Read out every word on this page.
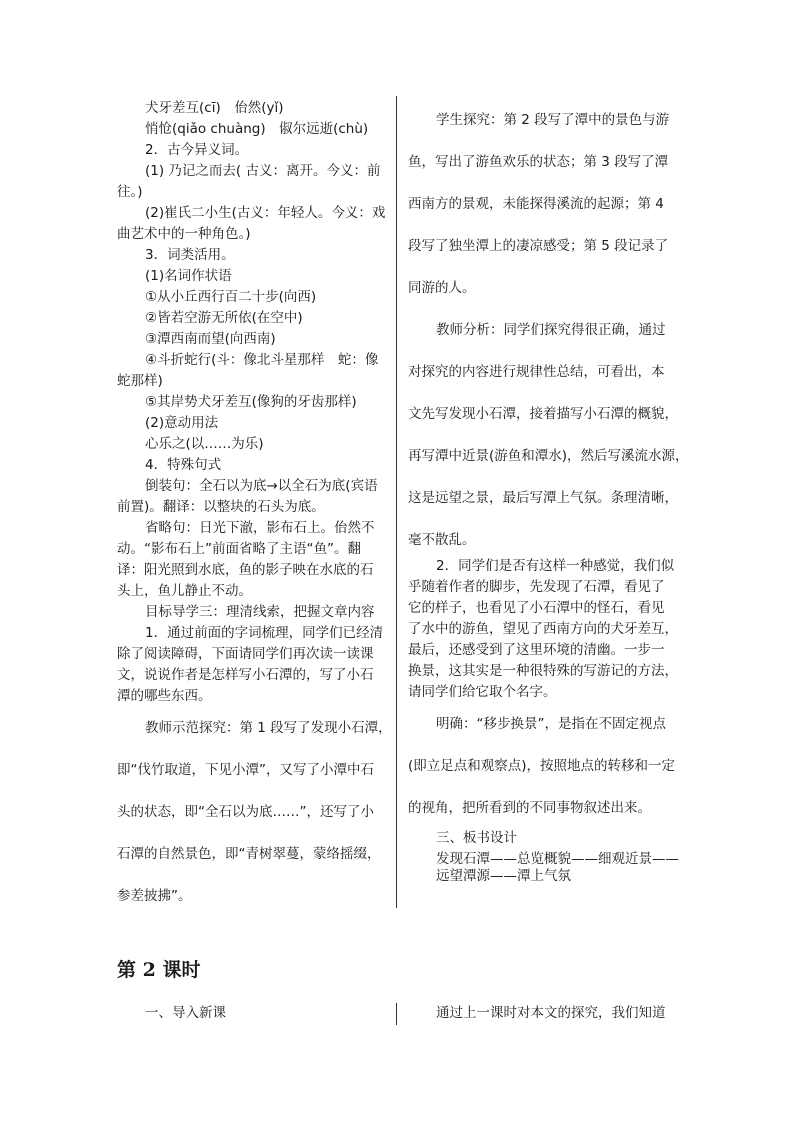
犬牙差互(cī)　佁然(yǐ)
悄怆(qiǎo chuàng)　俶尔远逝(chù)
2．古今异义词。
(1) 乃记之而去( 古义：离开。今义：前
往。)
(2)崔氏二小生(古义：年轻人。今义：戏
曲艺术中的一种角色。)
3．词类活用。
(1)名词作状语
①从小丘西行百二十步(向西)
②皆若空游无所依(在空中)
③潭西南而望(向西南)
④斗折蛇行(斗：像北斗星那样　蛇：像
蛇那样)
⑤其岸势犬牙差互(像狗的牙齿那样)
(2)意动用法
心乐之(以……为乐)
4．特殊句式
倒装句：全石以为底→以全石为底(宾语
前置)。翻译：以整块的石头为底。
省略句：日光下澈，影布石上。佁然不
动。“影布石上”前面省略了主语“鱼”。翻
译：阳光照到水底，鱼的影子映在水底的石
头上，鱼儿静止不动。
目标导学三：理清线索，把握文章内容
1．通过前面的字词梳理，同学们已经清
除了阅读障碍，下面请同学们再次读一读课
文，说说作者是怎样写小石潭的，写了小石
潭的哪些东西。
教师示范探究：第 1 段写了发现小石潭，
即“伐竹取道，下见小潭”，又写了小潭中石
头的状态，即“全石以为底……”，还写了小
石潭的自然景色，即“青树翠蔓，蒙络摇缀，
参差披拂”。
学生探究：第 2 段写了潭中的景色与游
鱼，写出了游鱼欢乐的状态；第 3 段写了潭
西南方的景观，未能探得溪流的起源；第 4
段写了独坐潭上的凄凉感受；第 5 段记录了
同游的人。
教师分析：同学们探究得很正确，通过
对探究的内容进行规律性总结，可看出，本
文先写发现小石潭，接着描写小石潭的概貌，
再写潭中近景(游鱼和潭水)，然后写溪流水源，
这是远望之景，最后写潭上气氛。条理清晰，
毫不散乱。
2．同学们是否有这样一种感觉，我们似
乎随着作者的脚步，先发现了石潭，看见了
它的样子，也看见了小石潭中的怪石，看见
了水中的游鱼，望见了西南方向的犬牙差互，
最后，还感受到了这里环境的清幽。一步一
换景，这其实是一种很特殊的写游记的方法，
请同学们给它取个名字。
明确：“移步换景”，是指在不固定视点
(即立足点和观察点)，按照地点的转移和一定
的视角，把所看到的不同事物叙述出来。
三、板书设计
发现石潭——总览概貌——细观近景——
远望潭源——潭上气氛
第 2 课时
一、导入新课	通过上一课时对本文的探究，我们知道
